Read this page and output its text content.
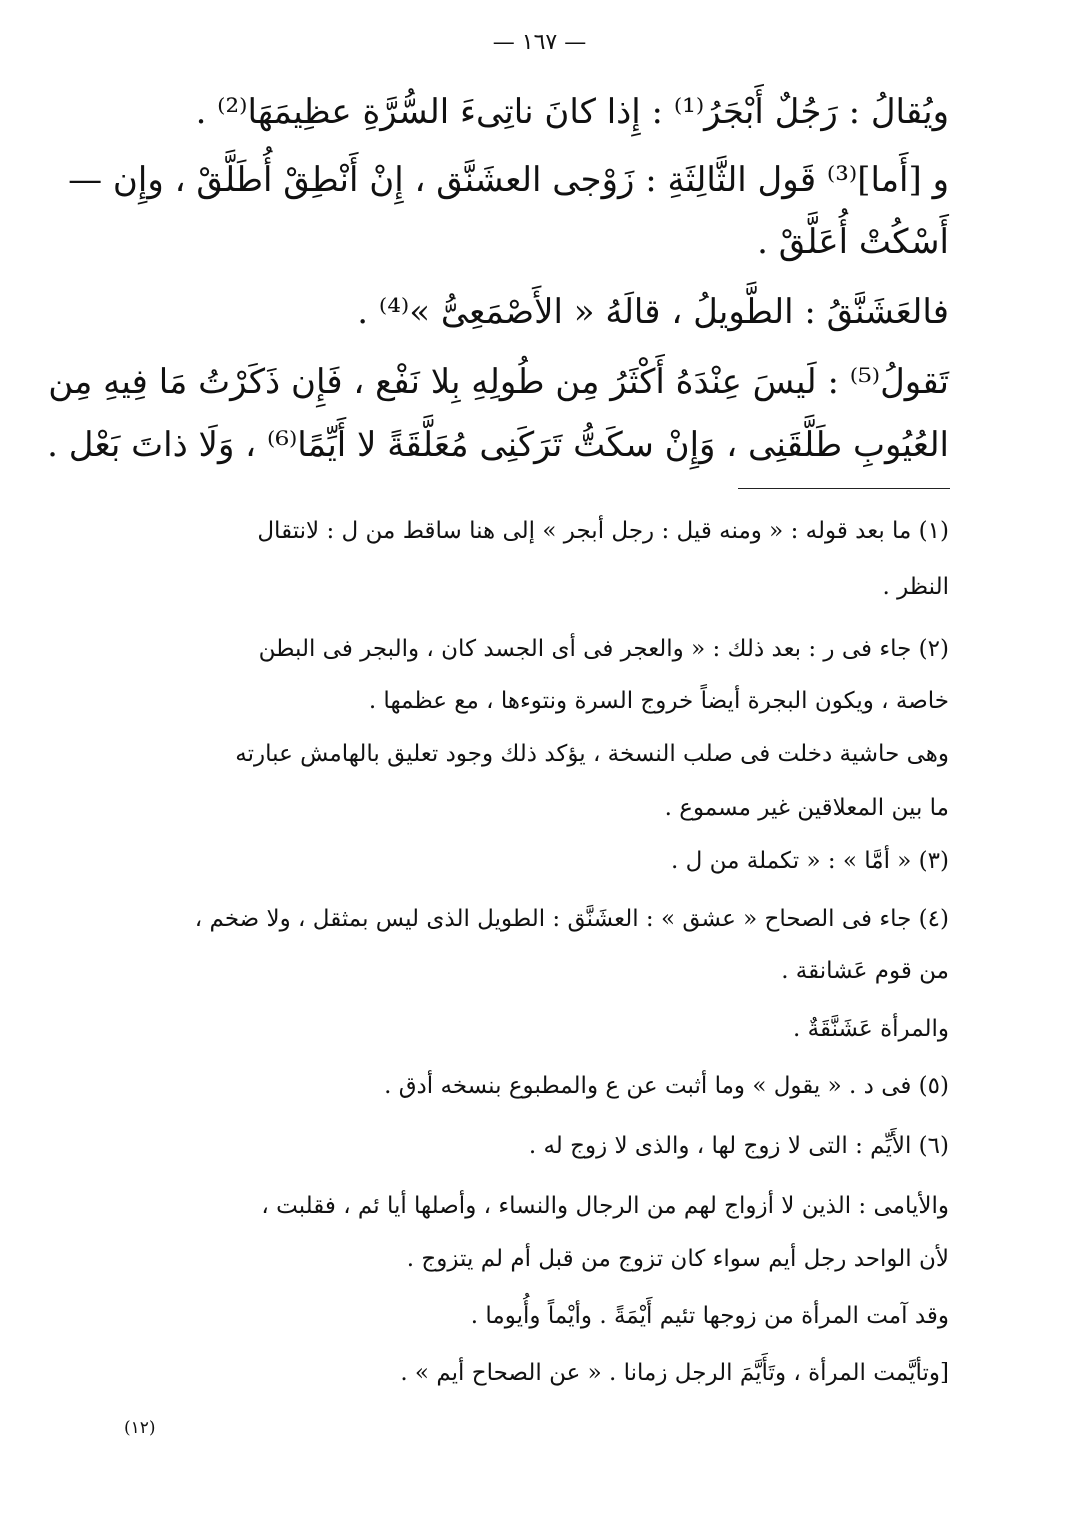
— ١٦٧ —
ويُقالُ : رَجُلٌ أَبْجَرُ⁽¹⁾ : إِذا كانَ ناتِىءَ السُّرَّةِ عظِيمَهَا⁽²⁾ .
و [أَما]⁽³⁾ قَول الثَّالِثَةِ : زَوْجى العشَنَّق ، إِنْ أَنْطِقْ أُطَلَّقْ ، وإِن —
أَسْكُتْ أُعَلَّقْ .
فالعَشَنَّقُ : الطَّويلُ ، قالَهُ « الأَصْمَعِىُّ »⁽⁴⁾ .
تَقولُ⁽⁵⁾ : لَيسَ عِنْدَهُ أَكْثَرُ مِن طُولِهِ بِلا نَفْع ، فَإِن ذَكَرْتُ مَا فِيهِ مِن
العُيُوبِ طَلَّقَنِى ، وَإِنْ سكَتُّ تَرَكَنِى مُعَلَّقَةً لا أَيِّمًا⁽⁶⁾ ، وَلَا ذاتَ بَعْل .
(١) ما بعد قوله : « ومنه قيل : رجل أبجر » إلى هنا ساقط من ل : لانتقال
النظر .
(٢) جاء فى ر : بعد ذلك : « والعجر فى أى الجسد كان ، والبجر فى البطن
خاصة ، ويكون البجرة أيضاً خروج السرة ونتوءها ، مع عظمها .
وهى حاشية دخلت فى صلب النسخة ، يؤكد ذلك وجود تعليق بالهامش عبارته
ما بين المعلاقين غير مسموع .
(٣) « أمَّا » : « تكملة من ل .
(٤) جاء فى الصحاح « عشق » : العشَنَّق : الطويل الذى ليس بمثقل ، ولا ضخم ،
من قوم عَشانقة .
والمرأة عَشَنَّقَةٌ .
(٥) فى د . « يقول » وما أثبت عن ع والمطبوع بنسخه أدق .
(٦) الأَيِّم : التى لا زوج لها ، والذى لا زوج له .
والأيامى : الذين لا أزواج لهم من الرجال والنساء ، وأصلها أيا ئم ، فقلبت ،
لأن الواحد رجل أيم سواء كان تزوج من قبل أم لم يتزوج .
وقد آمت المرأة من زوجها تئيم أَيْمَةً . وأيْماً وأُيوما .
[وتأيَّمت المرأة ، وتَأَيَّمَ الرجل زمانا . « عن الصحاح أيم » .
(١٢)
